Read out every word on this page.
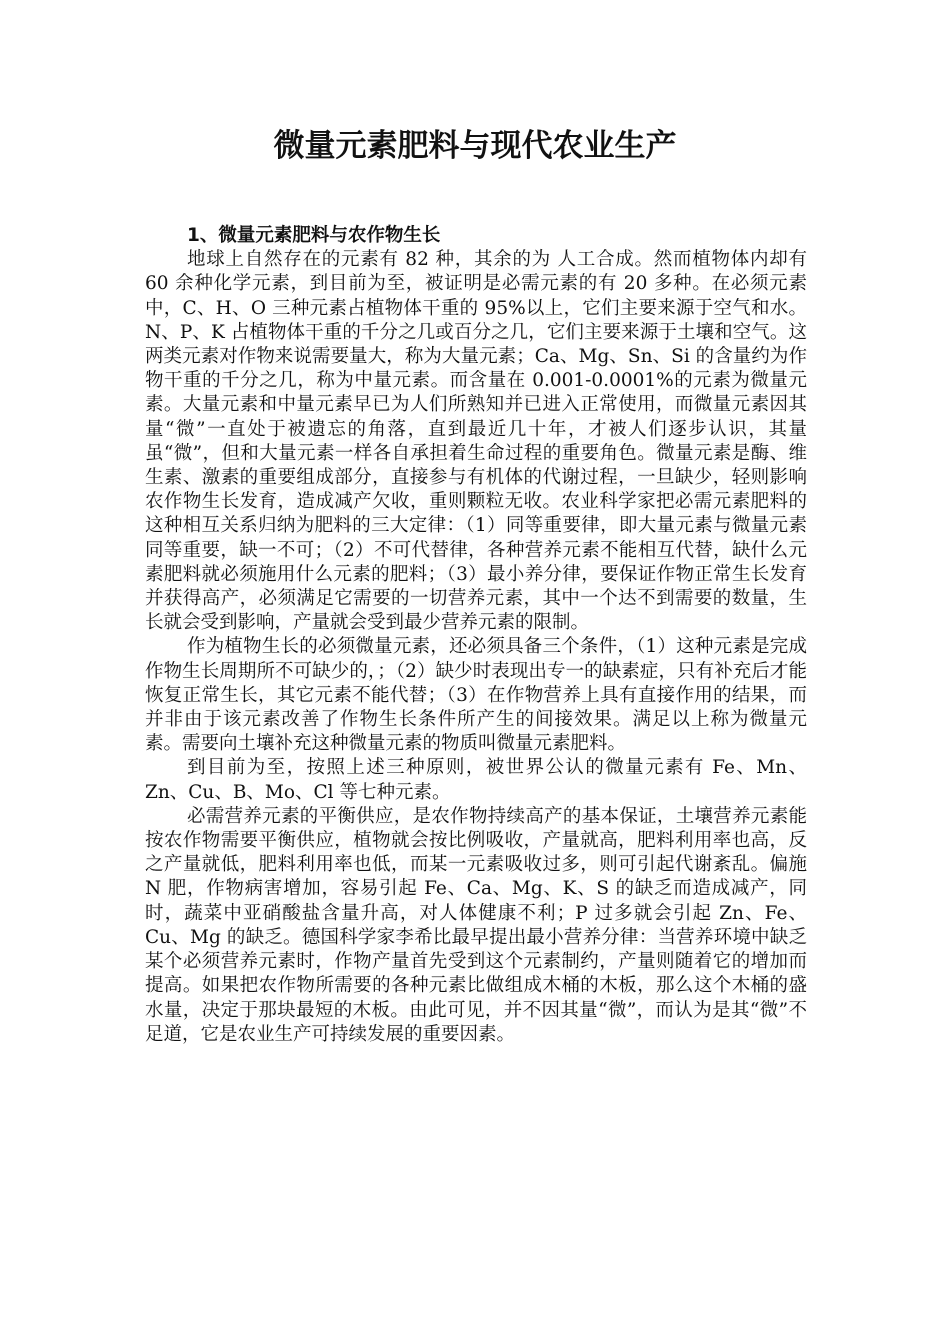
微量元素肥料与现代农业生产

1、微量元素肥料与农作物生长

地球上自然存在的元素有 82 种，其余的为 人工合成。然而植物体内却有 60 余种化学元素，到目前为至，被证明是必需元素的有 20 多种。在必须元素中，C、H、O 三种元素占植物体干重的 95%以上，它们主要来源于空气和水。N、P、K 占植物体干重的千分之几或百分之几，它们主要来源于土壤和空气。这两类元素对作物来说需要量大，称为大量元素；Ca、Mg、Sn、Si 的含量约为作物干重的千分之几，称为中量元素。而含量在 0.001-0.0001%的元素为微量元素。大量元素和中量元素早已为人们所熟知并已进入正常使用，而微量元素因其量“微”一直处于被遗忘的角落，直到最近几十年，才被人们逐步认识，其量虽“微”，但和大量元素一样各自承担着生命过程的重要角色。微量元素是酶、维生素、激素的重要组成部分，直接参与有机体的代谢过程，一旦缺少，轻则影响农作物生长发育，造成减产欠收，重则颗粒无收。农业科学家把必需元素肥料的这种相互关系归纳为肥料的三大定律：（1）同等重要律，即大量元素与微量元素同等重要，缺一不可；（2）不可代替律，各种营养元素不能相互代替，缺什么元素肥料就必须施用什么元素的肥料；（3）最小养分律，要保证作物正常生长发育并获得高产，必须满足它需要的一切营养元素，其中一个达不到需要的数量，生长就会受到影响，产量就会受到最少营养元素的限制。

作为植物生长的必须微量元素，还必须具备三个条件，（1）这种元素是完成作物生长周期所不可缺少的，；（2）缺少时表现出专一的缺素症，只有补充后才能恢复正常生长，其它元素不能代替；（3）在作物营养上具有直接作用的结果，而并非由于该元素改善了作物生长条件所产生的间接效果。满足以上称为微量元素。需要向土壤补充这种微量元素的物质叫微量元素肥料。

到目前为至，按照上述三种原则，被世界公认的微量元素有 Fe、Mn、Zn、Cu、B、Mo、Cl 等七种元素。

必需营养元素的平衡供应，是农作物持续高产的基本保证，土壤营养元素能按农作物需要平衡供应，植物就会按比例吸收，产量就高，肥料利用率也高，反之产量就低，肥料利用率也低，而某一元素吸收过多，则可引起代谢紊乱。偏施 N 肥，作物病害增加，容易引起 Fe、Ca、Mg、K、S 的缺乏而造成减产，同时，蔬菜中亚硝酸盐含量升高，对人体健康不利；P 过多就会引起 Zn、Fe、Cu、Mg 的缺乏。德国科学家李希比最早提出最小营养分律：当营养环境中缺乏某个必须营养元素时，作物产量首先受到这个元素制约，产量则随着它的增加而提高。如果把农作物所需要的各种元素比做组成木桶的木板，那么这个木桶的盛水量，决定于那块最短的木板。由此可见，并不因其量“微”，而认为是其“微”不足道，它是农业生产可持续发展的重要因素。
